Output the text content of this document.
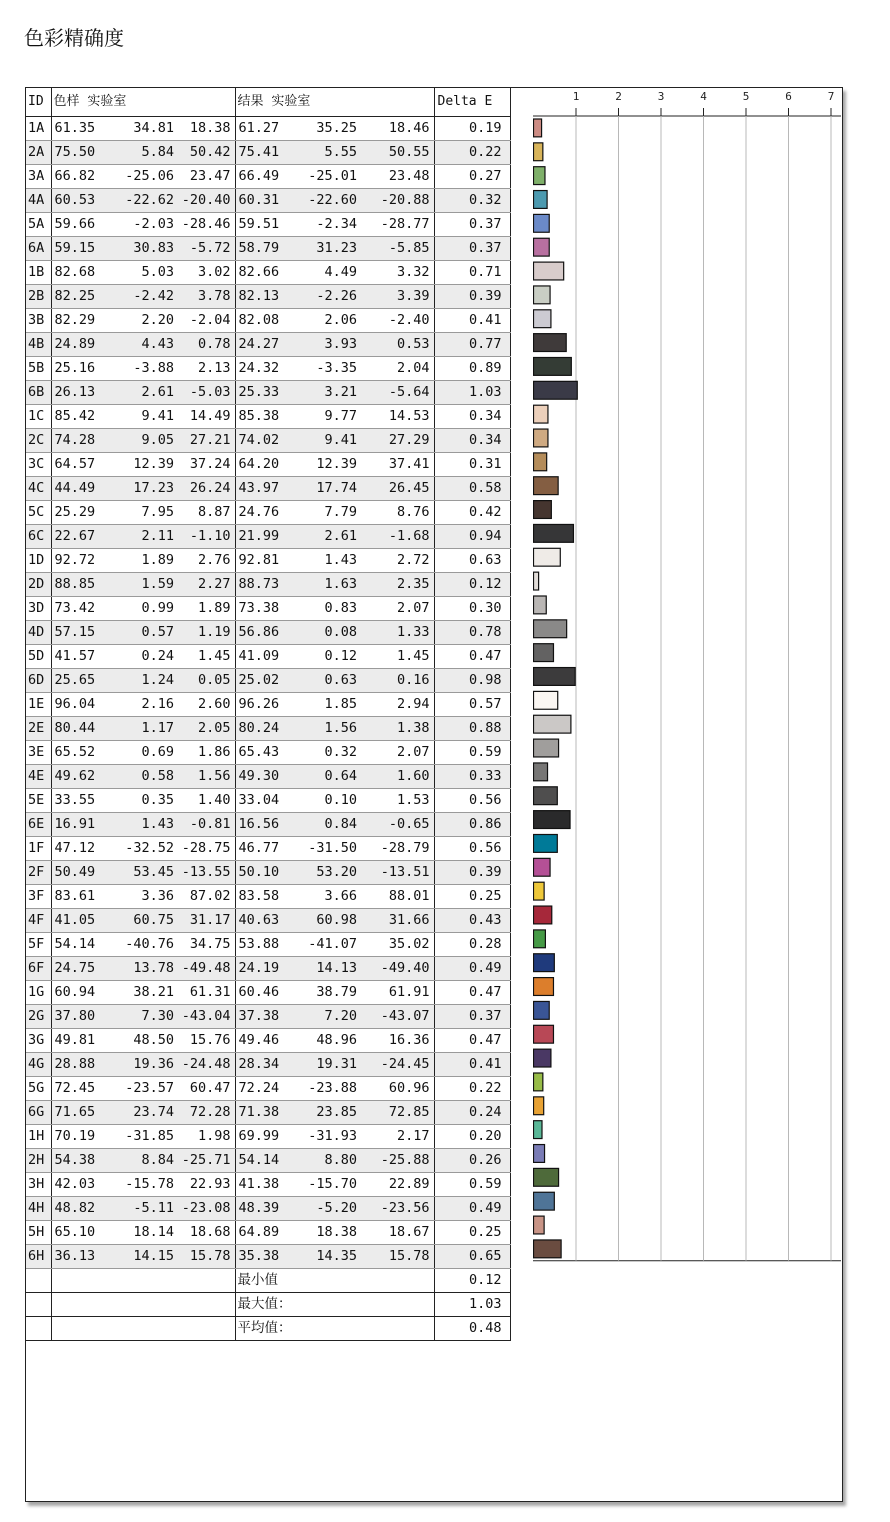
色彩精确度
ID	色样 实验室			结果 实验室			Delta E
1A	61.35	34.81	18.38	61.27	35.25	18.46	0.19
2A	75.50	5.84	50.42	75.41	5.55	50.55	0.22
3A	66.82	-25.06	23.47	66.49	-25.01	23.48	0.27
4A	60.53	-22.62	-20.40	60.31	-22.60	-20.88	0.32
5A	59.66	-2.03	-28.46	59.51	-2.34	-28.77	0.37
6A	59.15	30.83	-5.72	58.79	31.23	-5.85	0.37
1B	82.68	5.03	3.02	82.66	4.49	3.32	0.71
2B	82.25	-2.42	3.78	82.13	-2.26	3.39	0.39
3B	82.29	2.20	-2.04	82.08	2.06	-2.40	0.41
4B	24.89	4.43	0.78	24.27	3.93	0.53	0.77
5B	25.16	-3.88	2.13	24.32	-3.35	2.04	0.89
6B	26.13	2.61	-5.03	25.33	3.21	-5.64	1.03
1C	85.42	9.41	14.49	85.38	9.77	14.53	0.34
2C	74.28	9.05	27.21	74.02	9.41	27.29	0.34
3C	64.57	12.39	37.24	64.20	12.39	37.41	0.31
4C	44.49	17.23	26.24	43.97	17.74	26.45	0.58
5C	25.29	7.95	8.87	24.76	7.79	8.76	0.42
6C	22.67	2.11	-1.10	21.99	2.61	-1.68	0.94
1D	92.72	1.89	2.76	92.81	1.43	2.72	0.63
2D	88.85	1.59	2.27	88.73	1.63	2.35	0.12
3D	73.42	0.99	1.89	73.38	0.83	2.07	0.30
4D	57.15	0.57	1.19	56.86	0.08	1.33	0.78
5D	41.57	0.24	1.45	41.09	0.12	1.45	0.47
6D	25.65	1.24	0.05	25.02	0.63	0.16	0.98
1E	96.04	2.16	2.60	96.26	1.85	2.94	0.57
2E	80.44	1.17	2.05	80.24	1.56	1.38	0.88
3E	65.52	0.69	1.86	65.43	0.32	2.07	0.59
4E	49.62	0.58	1.56	49.30	0.64	1.60	0.33
5E	33.55	0.35	1.40	33.04	0.10	1.53	0.56
6E	16.91	1.43	-0.81	16.56	0.84	-0.65	0.86
1F	47.12	-32.52	-28.75	46.77	-31.50	-28.79	0.56
2F	50.49	53.45	-13.55	50.10	53.20	-13.51	0.39
3F	83.61	3.36	87.02	83.58	3.66	88.01	0.25
4F	41.05	60.75	31.17	40.63	60.98	31.66	0.43
5F	54.14	-40.76	34.75	53.88	-41.07	35.02	0.28
6F	24.75	13.78	-49.48	24.19	14.13	-49.40	0.49
1G	60.94	38.21	61.31	60.46	38.79	61.91	0.47
2G	37.80	7.30	-43.04	37.38	7.20	-43.07	0.37
3G	49.81	48.50	15.76	49.46	48.96	16.36	0.47
4G	28.88	19.36	-24.48	28.34	19.31	-24.45	0.41
5G	72.45	-23.57	60.47	72.24	-23.88	60.96	0.22
6G	71.65	23.74	72.28	71.38	23.85	72.85	0.24
1H	70.19	-31.85	1.98	69.99	-31.93	2.17	0.20
2H	54.38	8.84	-25.71	54.14	8.80	-25.88	0.26
3H	42.03	-15.78	22.93	41.38	-15.70	22.89	0.59
4H	48.82	-5.11	-23.08	48.39	-5.20	-23.56	0.49
5H	65.10	18.14	18.68	64.89	18.38	18.67	0.25
6H	36.13	14.15	15.78	35.38	14.35	15.78	0.65
				最小值			0.12
				最大值：			1.03
				平均值：			0.48
1	2	3	4	5	6	7
